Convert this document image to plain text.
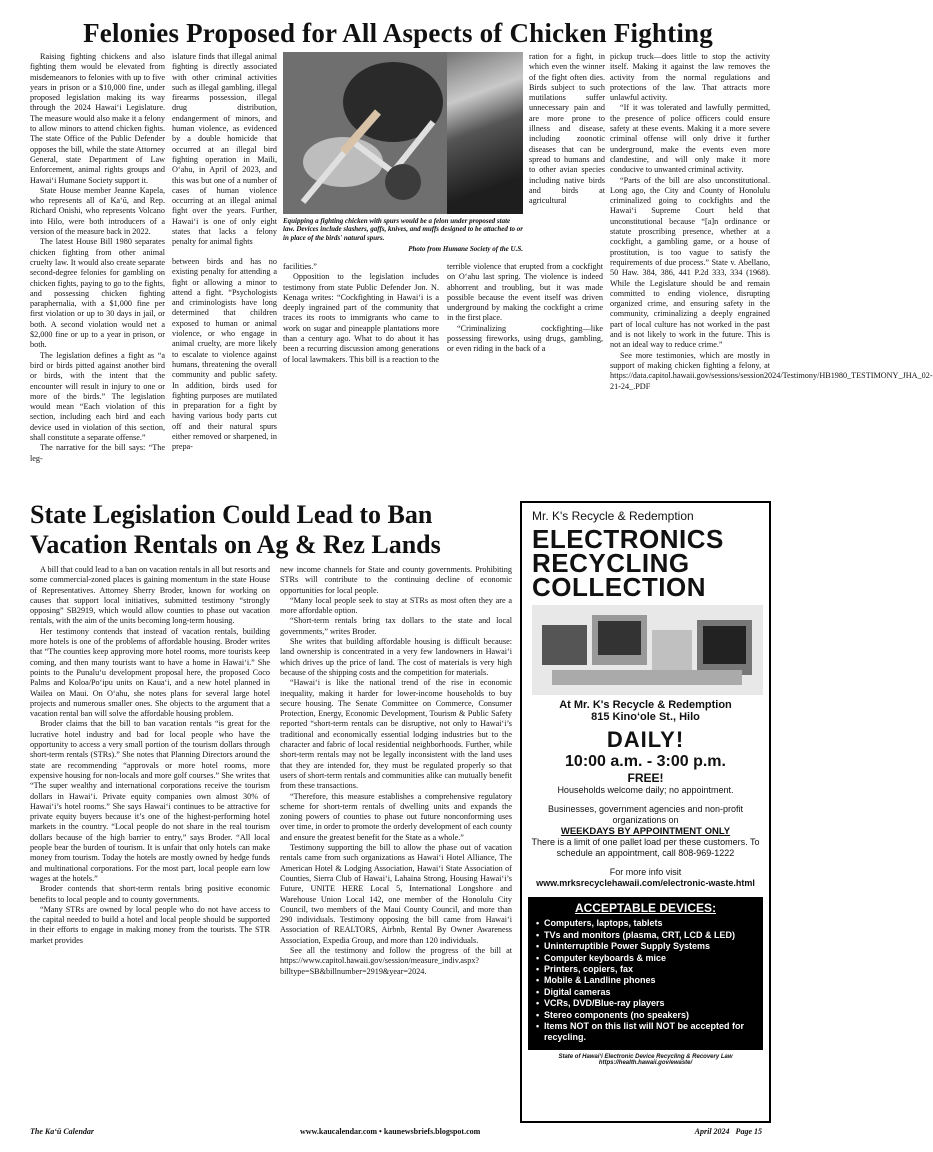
Felonies Proposed for All Aspects of Chicken Fighting

Raising fighting chickens and also fighting them would be elevated from misdemeanors to felonies with up to five years in prison or a $10,000 fine, under proposed legislation making its way through the 2024 Hawai‘i Legislature. The measure would also make it a felony to allow minors to attend chicken fights. The state Office of the Public Defender opposes the bill, while the state Attorney General, state Department of Law Enforcement, animal rights groups and Hawai‘i Humane Society support it.

State House member Jeanne Kapela, who represents all of Ka‘ū, and Rep. Richard Onishi, who represents Volcano into Hilo, were both introducers of a version of the measure back in 2022.

The latest House Bill 1980 separates chicken fighting from other animal cruelty law. It would also create separate second-degree felonies for gambling on chicken fights, paying to go to the fights, and possessing chicken fighting paraphernalia, with a $1,000 fine per first violation or up to 30 days in jail, or both. A second violation would net a $2,000 fine or up to a year in prison, or both.

The legislation defines a fight as “a bird or birds pitted against another bird or birds, with the intent that the encounter will result in injury to one or more of the birds.” The legislation would mean “Each violation of this section, including each bird and each device used in violation of this section, shall constitute a separate offense.”

The narrative for the bill says: “The leg-

islature finds that illegal animal fighting is directly associated with other criminal activities such as illegal gambling, illegal firearms possession, illegal drug distribution, endangerment of minors, and human violence, as evidenced by a double homicide that occurred at an illegal bird fighting operation in Maili, O‘ahu, in April of 2023, and this was but one of a number of cases of human violence occurring at an illegal animal fight over the years. Further, Hawai‘i is one of only eight states that lacks a felony penalty for animal fights

Equipping a fighting chicken with spurs would be a felon under proposed state law. Devices include slashers, gaffs, knives, and muffs designed to be attached to or in place of the birds' natural spurs.
Photo from Humane Society of the U.S.

facilities.”

Opposition to the legislation includes testimony from state Public Defender Jon. N. Kenaga writes: “Cockfighting in Hawai‘i is a deeply ingrained part of the community that traces its roots to immigrants who came to work on sugar and pineapple plantations more than a century ago. What to do about it has been a recurring discussion among generations of local lawmakers. This bill is a reaction to the terrible violence that erupted from a cockfight on O‘ahu last spring. The violence is indeed abhorrent and troubling, but it was made possible because the event itself was driven underground by making the cockfight a crime in the first place.

“Criminalizing cockfighting—like possessing fireworks, using drugs, gambling, or even riding in the back of a

pickup truck—does little to stop the activity itself. Making it against the law removes the activity from the normal regulations and protections of the law. That attracts more unlawful activity.

“If it was tolerated and lawfully permitted, the presence of police officers could ensure safety at these events. Making it a more severe criminal offense will only drive it further underground, make the events even more clandestine, and will only make it more conducive to unwanted criminal activity.

“Parts of the bill are also unconstitutional. Long ago, the City and County of Honolulu criminalized going to cockfights and the Hawai‘i Supreme Court held that unconstitutional because “[a]n ordinance or statute proscribing presence, whether at a cockfight, a gambling game, or a house of prostitution, is too vague to satisfy the requirements of due process.” State v. Abellano, 50 Haw. 384, 386, 441 P.2d 333, 334 (1968). While the Legislature should be and remain committed to ending violence, disrupting organized crime, and ensuring safety in the community, criminalizing a deeply engrained part of local culture has not worked in the past and is not likely to work in the future. This is not an ideal way to reduce crime.”

See more testimonies, which are mostly in support of making chicken fighting a felony, at https://data.capitol.hawaii.gov/sessions/session2024/Testimony/HB1980_TESTIMONY_JHA_02-21-24_.PDF

State Legislation Could Lead to Ban Vacation Rentals on Ag & Rez Lands

A bill that could lead to a ban on vacation rentals in all but resorts and some commercial-zoned places is gaining momentum in the state House of Representatives. Attorney Sherry Broder, known for working on causes that support local initiatives, submitted testimony “strongly opposing” SB2919, which would allow counties to phase out vacation rentals, with the aim of the units becoming long-term housing.

Her testimony contends that instead of vacation rentals, building more hotels is one of the problems of affordable housing. Broder writes that “The counties keep approving more hotel rooms, more tourists keep coming, and then many tourists want to have a home in Hawai‘i.” She points to the Punalu‘u development proposal here, the proposed Coco Palms and Koloa/Po‘ipu units on Kaua‘i, and a new hotel planned in Wailea on Maui. On O‘ahu, she notes plans for several large hotel projects and numerous smaller ones. She objects to the argument that a vacation rental ban will solve the affordable housing problem.

Broder claims that the bill to ban vacation rentals “is great for the lucrative hotel industry and bad for local people who have the opportunity to access a very small portion of the tourism dollars through short-term rentals (STRs).” She notes that Planning Directors around the state are recommending “approvals or more hotel rooms, more expensive housing for non-locals and more golf courses.” She writes that “The super wealthy and international corporations receive the tourism dollars in Hawai‘i. Private equity companies own almost 30% of Hawai‘i’s hotel rooms.” She says Hawai‘i continues to be attractive for private equity buyers because it’s one of the highest-performing hotel markets in the country. “Local people do not share in the real tourism dollars because of the high barrier to entry,” says Broder. “All local people bear the burden of tourism. It is unfair that only hotels can make money from tourism. Today the hotels are mostly owned by hedge funds and multinational corporations. For the most part, local people earn low wages at the hotels.”

Broder contends that short-term rentals bring positive economic benefits to local people and to county governments.

“Many STRs are owned by local people who do not have access to the capital needed to build a hotel and local people should be supported in their efforts to engage in making money from the tourists. The STR market provides

new income channels for State and county governments. Prohibiting STRs will contribute to the continuing decline of economic opportunities for local people.

“Many local people seek to stay at STRs as most often they are a more affordable option.

“Short-term rentals bring tax dollars to the state and local governments,” writes Broder.

She writes that building affordable housing is difficult because: land ownership is concentrated in a very few landowners in Hawai‘i which drives up the price of land. The cost of materials is very high because of the shipping costs and the competition for materials.

“Hawai‘i is like the national trend of the rise in economic inequality, making it harder for lower-income households to buy secure housing. The Senate Committee on Commerce, Consumer Protection, Energy, Economic Development, Tourism & Public Safety reported “short-term rentals can be disruptive, not only to Hawai‘i’s traditional and economically essential lodging industries but to the character and fabric of local residential neighborhoods. Further, while short-term rentals may not be legally inconsistent with the land uses that they are intended for, they must be regulated properly so that users of short-term rentals and communities alike can mutually benefit from these transactions.

“Therefore, this measure establishes a comprehensive regulatory scheme for short-term rentals of dwelling units and expands the zoning powers of counties to phase out future nonconforming uses over time, in order to promote the orderly development of each county and ensure the greatest benefit for the State as a whole.”

Testimony supporting the bill to allow the phase out of vacation rentals came from such organizations as Hawai‘i Hotel Alliance, The American Hotel & Lodging Association, Hawai‘i State Association of Counties, Sierra Club of Hawai‘i, Lahaina Strong, Housing Hawai‘i’s Future, UNITE HERE Local 5, International Longshore and Warehouse Union Local 142, one member of the Honolulu City Council, two members of the Maui County Council, and more than 290 individuals. Testimony opposing the bill came from Hawai‘i Association of REALTORS, Airbnb, Rental By Owner Awareness Association, Expedia Group, and more than 120 individuals.

See all the testimony and follow the progress of the bill at https://www.capitol.hawaii.gov/session/measure_indiv.aspx?billtype=SB&billnumber=2919&year=2024.

Mr. K's Recycle & Redemption
ELECTRONICS RECYCLING COLLECTION
At Mr. K's Recycle & Redemption
815 Kino‘ole St., Hilo
DAILY!
10:00 a.m. - 3:00 p.m.
FREE!
Households welcome daily; no appointment.
Businesses, government agencies and non-profit organizations on
WEEKDAYS BY APPOINTMENT ONLY
There is a limit of one pallet load per these customers. To schedule an appointment, call 808-969-1222
For more info visit
www.mrksrecyclehawaii.com/electronic-waste.html
ACCEPTABLE DEVICES:
• Computers, laptops, tablets
• TVs and monitors (plasma, CRT, LCD & LED)
• Uninterruptible Power Supply Systems
• Computer keyboards & mice
• Printers, copiers, fax
• Mobile & Landline phones
• Digital cameras
• VCRs, DVD/Blue-ray players
• Stereo components (no speakers)
• Items NOT on this list will NOT be accepted for recycling.
State of Hawai‘i Electronic Device Recycling & Recovery Law
https://health.hawaii.gov/ewaste/
The Ka‘ū Calendar	www.kaucalendar.com • kaunewsbriefs.blogspot.com	April 2024   Page 15

between birds and has no existing penalty for attending a fight or allowing a minor to attend a fight. “Psychologists and criminologists have long determined that children exposed to human or animal violence, or who engage in animal cruelty, are more likely to escalate to violence against humans, threatening the overall community and public safety. In addition, birds used for fighting purposes are mutilated in preparation for a fight by having various body parts cut off and their natural spurs either removed or sharpened, in prepa-

ration for a fight, in which even the winner of the fight often dies. Birds subject to such mutilations suffer unnecessary pain and are more prone to illness and disease, including zoonotic diseases that can be spread to humans and to other avian species including native birds and birds at agricultural
